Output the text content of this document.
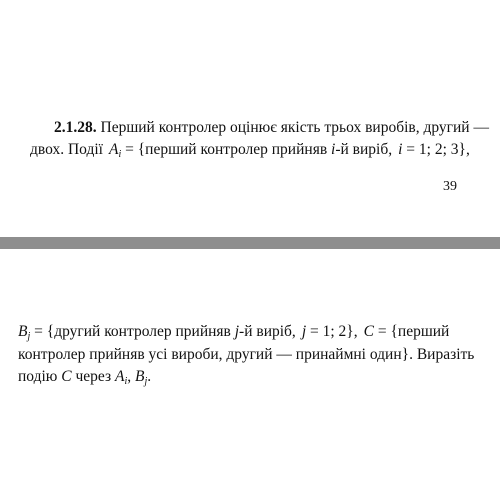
2.1.28. Перший контролер оцінює якість трьох виробів, другий —
двох. Події $A_i$ = {перший контролер прийняв i-й виріб, i = 1; 2; 3},
39
$B_j$ = {другий контролер прийняв j-й виріб, j = 1; 2}, C = {перший
контролер прийняв усі вироби, другий — принаймні один}. Виразіть
подію C через $A_i$, $B_j$.
